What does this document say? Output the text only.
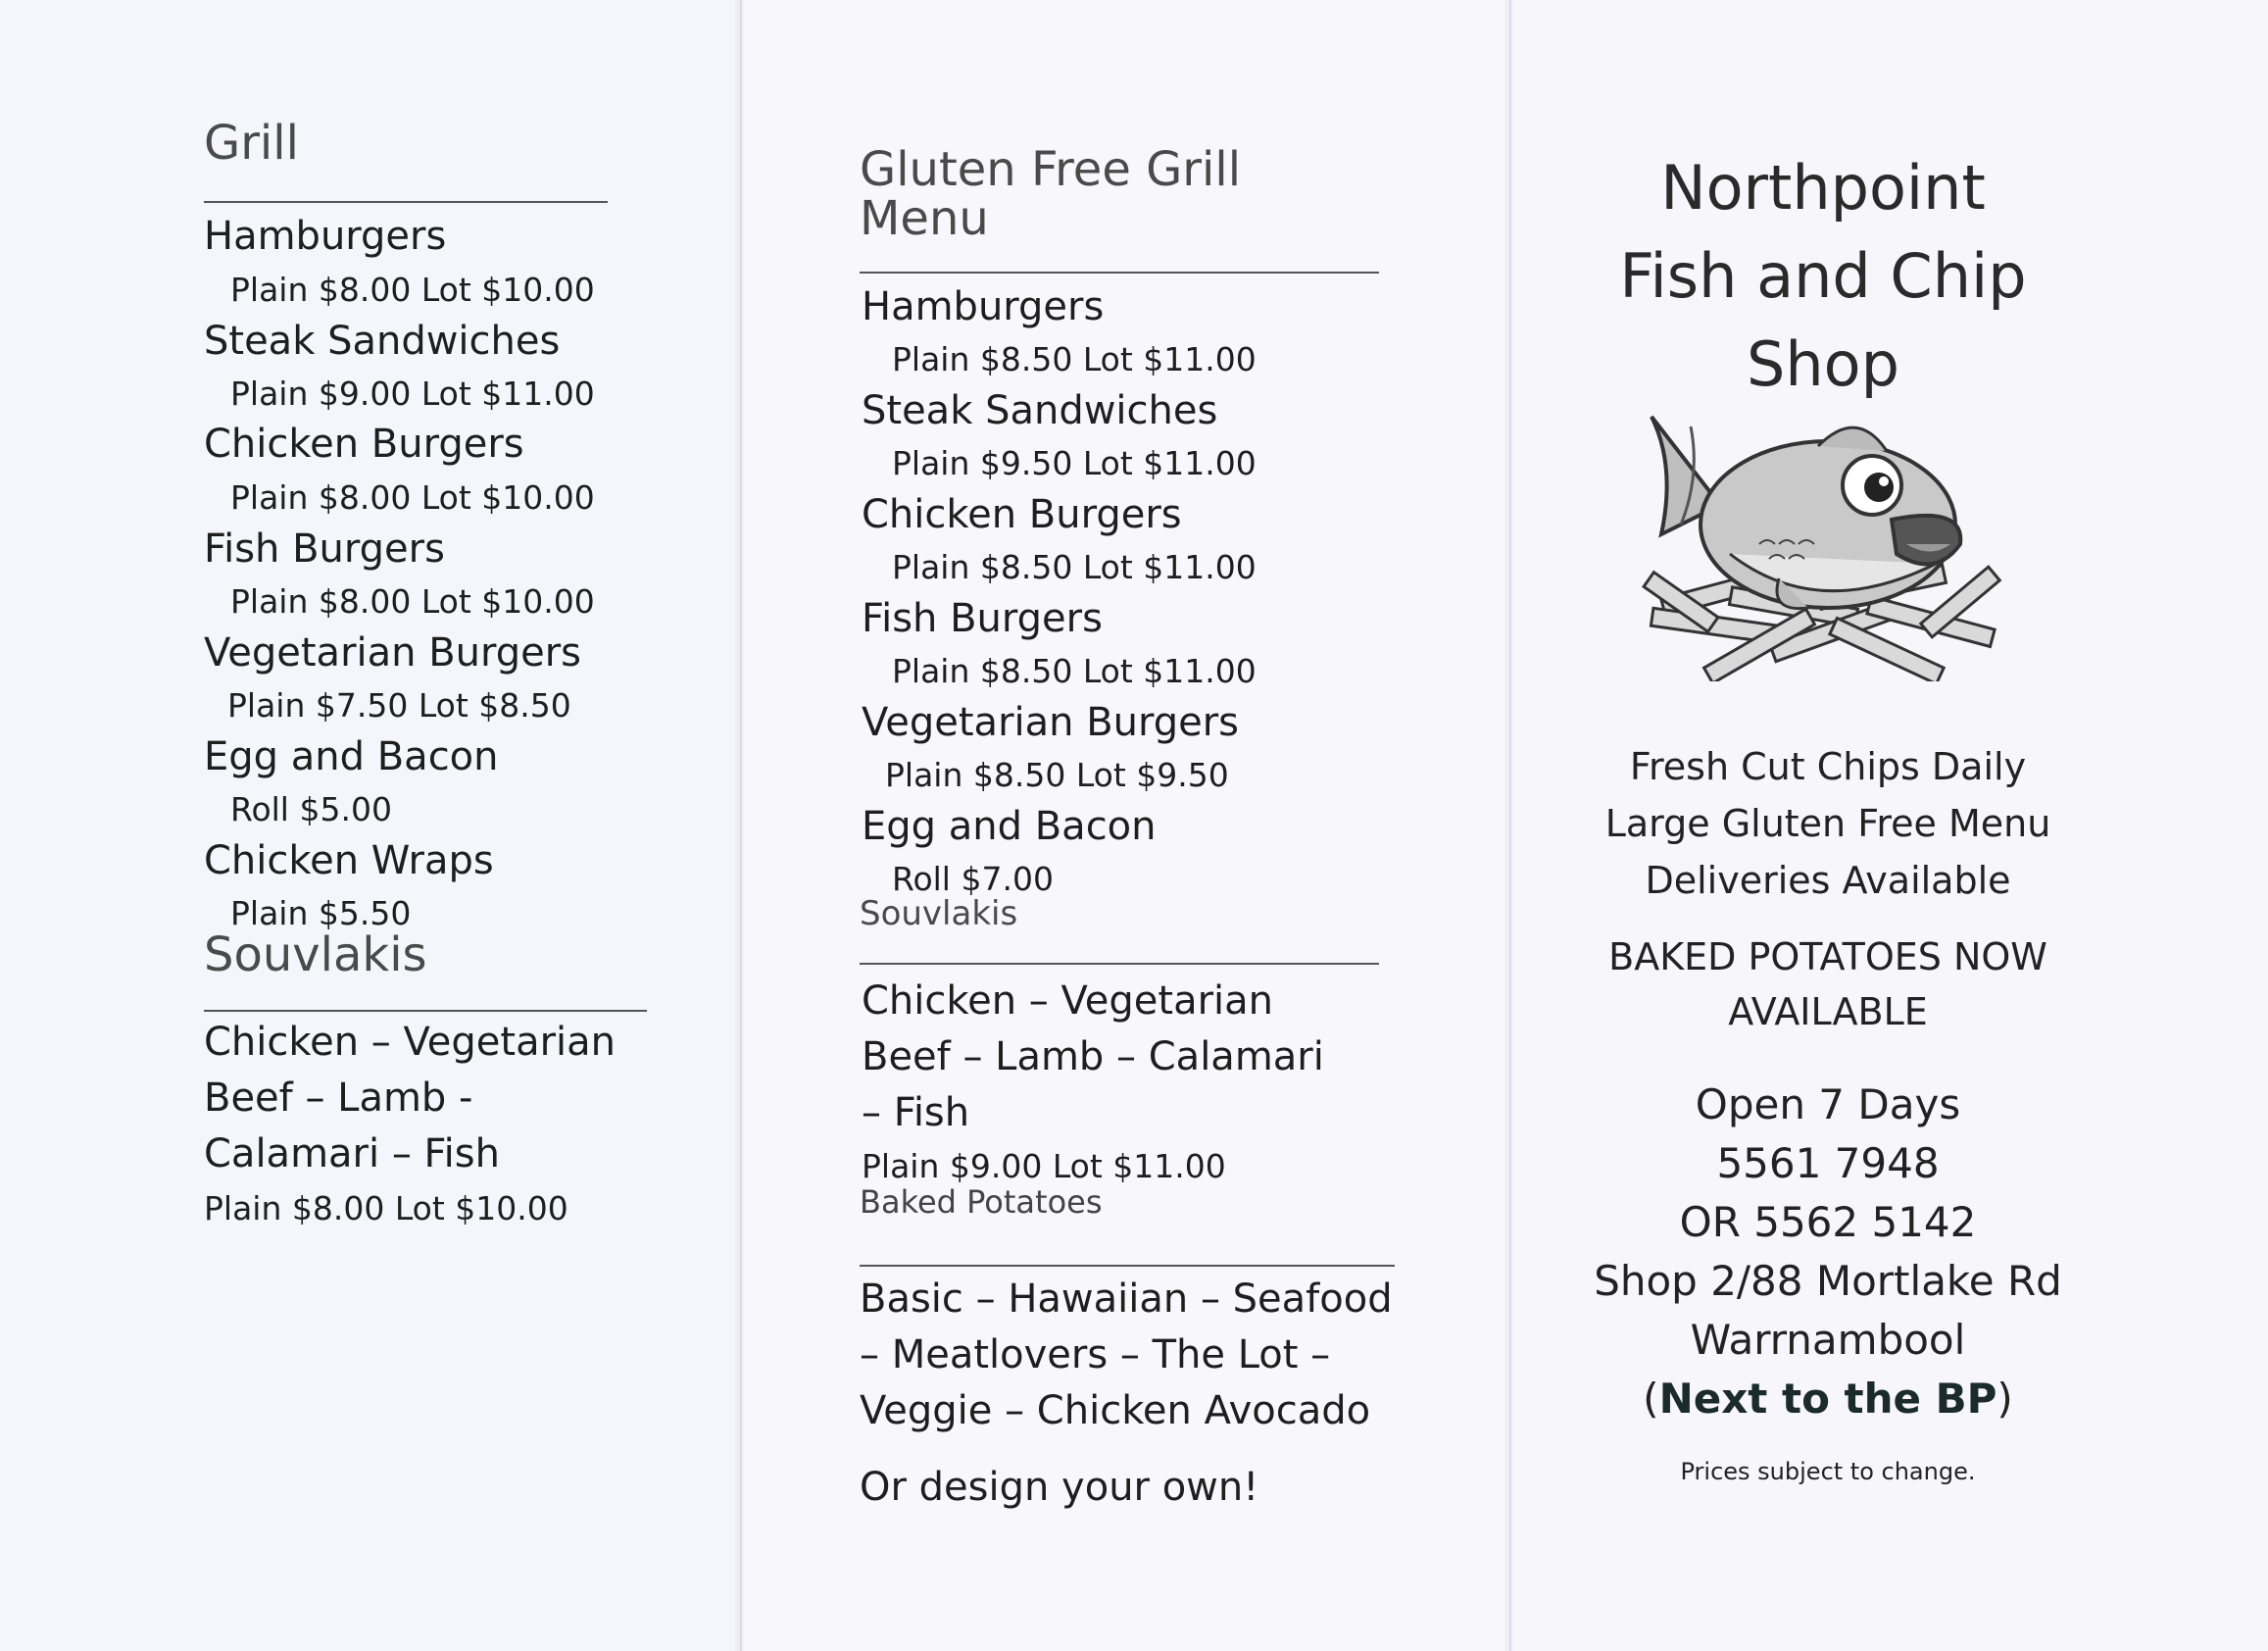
Grill
Hamburgers
Plain $8.00 Lot $10.00
Steak Sandwiches
Plain $9.00 Lot $11.00
Chicken Burgers
Plain $8.00 Lot $10.00
Fish Burgers
Plain $8.00 Lot $10.00
Vegetarian Burgers
Plain $7.50 Lot $8.50
Egg and Bacon
Roll $5.00
Chicken Wraps
Plain $5.50
Souvlakis
Chicken – Vegetarian
Beef – Lamb -
Calamari – Fish
Plain $8.00 Lot $10.00
Gluten Free Grill
Menu
Hamburgers
Plain $8.50 Lot $11.00
Steak Sandwiches
Plain $9.50 Lot $11.00
Chicken Burgers
Plain $8.50 Lot $11.00
Fish Burgers
Plain $8.50 Lot $11.00
Vegetarian Burgers
Plain $8.50 Lot $9.50
Egg and Bacon
Roll $7.00
Souvlakis
Chicken – Vegetarian
Beef – Lamb – Calamari
– Fish
Plain $9.00 Lot $11.00
Baked Potatoes
Basic – Hawaiian – Seafood
– Meatlovers – The Lot –
Veggie – Chicken Avocado
Or design your own!
Northpoint
Fish and Chip
Shop
Fresh Cut Chips Daily
Large Gluten Free Menu
Deliveries Available
BAKED POTATOES NOW
AVAILABLE
Open 7 Days
5561 7948
OR 5562 5142
Shop 2/88 Mortlake Rd
Warrnambool
(Next to the BP)
Prices subject to change.
